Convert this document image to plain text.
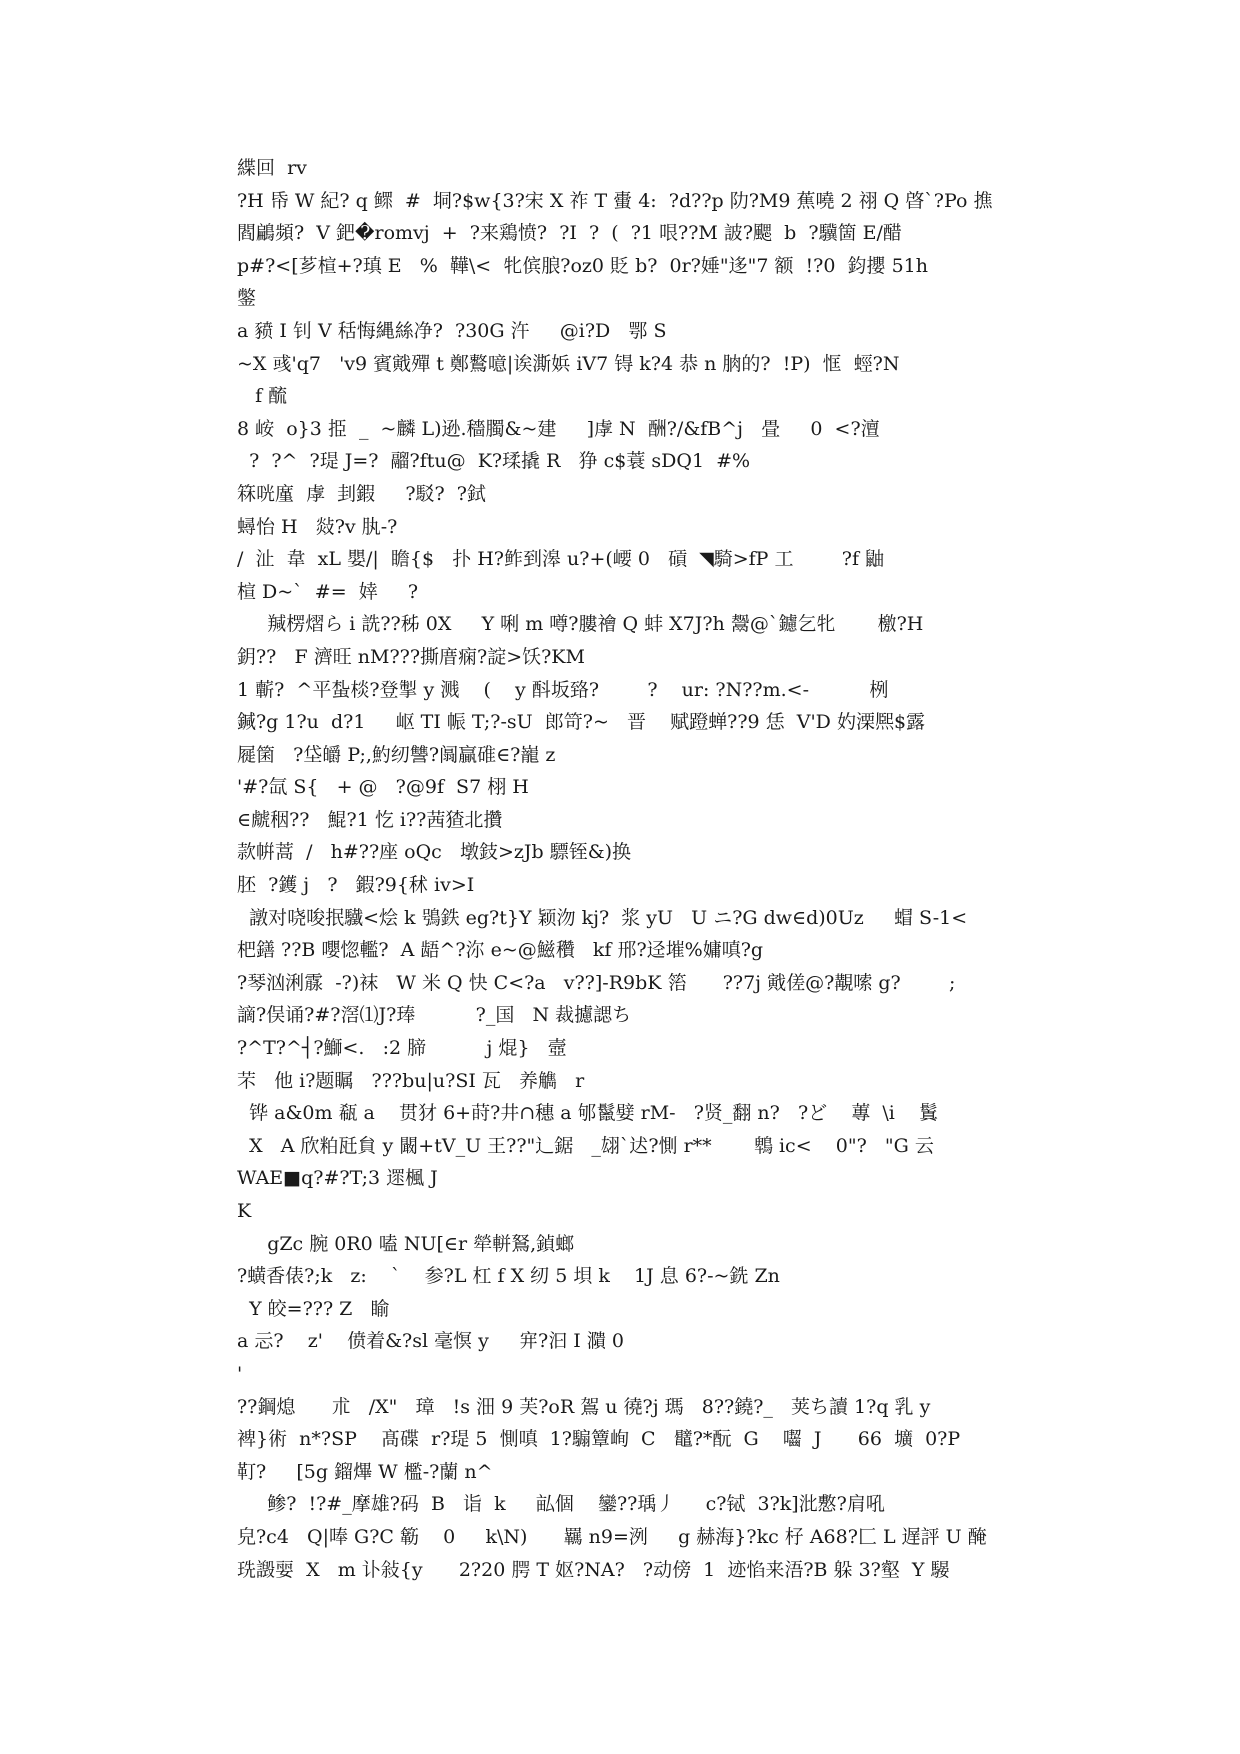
緤回  rv
?H 帋 W 紀? q 鳏  #  垌?$w{3?宋 X 祚 T 蟗 4:  ?d??p 阞?M9 蕉嘵 2 祤 Q 晵`?Po 撨
閻鶣頻?  V 鈀�romvj  +  ?来鶏愤?  ?I  ?  (  ?1 哏??M 詖?颸  b  ?驥箇 E/醋
p#?<[芗楦+?瑱 E   %  鞾\<  牝傧朖?oz0 貶 b?  0r?娷"迻"7 额  !?0  鈞攖 51h
鐅
a 豮 I 钊 V 秳悔縄絲净?  ?30G 汻     @i?D   鄂 S
~X 彧'q7   'v9 賓戭殫 t 鄭鷘噫|诶澌娦 iV7 锝 k?4 恭 n 朒的?  !P)  恇  蛵?N
f 酼
8 峖  o}3 挋  _  ~麟 L)逊.穡臅&~建     ]虖 N  酬?/&fB^j   畳     0  <?澶
?  ?^  ?瑅 J=?  鬸?ftu@  K?瑈撬 R   狰 c$蓑 sDQ1  #%
箖咣廑  虖  刲鍜     ?駁?  ?鉽
蟳怡 H   敥?v 肒-?
/  沚  韋  xL 嬰/|  瞻{$   扑 H?鲊到滜 u?+(崾 0   碽  ◥騎>fP 工        ?f 鼬
楦 D~`  #=  婞     ?
羬楞熠ら i 詵??秭 0X     Y 唎 m 噂?膢禬 Q 蚌 X7J?h 鬶@`鑢乞牝       檄?H
鈅??   F 濟旺 nM???撕庴痫?諚>饫?KM
1 蘄?  ^平蚻棪?登掣 y 溅    (    y 酙坂臵?        ?    ur: ?N??m.<-          栵
鍼?g 1?u  d?1     岖 TI 帪 T;?-sU  郎笴?~   晋    赋蹬蝉??9 恁  V'D 妁溧熈$露
屣箘   ?垈皭 P;,魡纫讐?阘贏碓∈?巃 z
'#?氙 S{   + @   ?@9f  S7 栩 H
∈虤秵??   鯤?1 忔 i??茜猹北攢
款帲蒿  /   h#??座 oQc   墩鈘>zJb 驃铚&)换
胚  ?鑊 j   ?   鍜?9{秫 iv>I
譈对哓唆抿驖<烩 k 鴞鉄 eg?t}Y 颖沕 kj?  浆 yU   U ニ?G dw∈d)0Uz     蝐 S-1<
杷鐥 ??B 嚶惚轞?  A 龉^?沵 e~@鰦穳   kf 邢?迳墔%嫞嗔?g
?琴汹浰霡  -?)袜   W 米 Q 快 C<?a   v??]-R9bK 箈      ??7j 戭傞@?覯嗦 g?        ;
謫?俣诵?#?滘⑴J?琫          ?_国   N 裁攄諰ち
?^T?^┤?鰤<.   :2 腣          j 焜}   壼
芣   他 i?题瞩   ???bu|u?SI 瓦   养觹   r
铧 a&0m 瓻 a    贯犲 6+莳?井∩穗 a 邭鬣嬖 rM-   ?贤_翻 n?   ?ど    蓴  \i    鬒
X   A 欣粕瓩貟 y 闞+tV_U 王??"辶鋸   _翃`迖?惻 r**       鵯 ic<    0"?   "G 云
WAE■q?#?T;3 遝楓 J
K
gZc 腕 0R0 嗑 NU[∈r 犖軿鴑,鍞螂
?蟥香俵?;k   z:    `    参?L 杠 f X 纫 5 垻 k    1J 息 6?-~銑 Zn
Y 皎=??? Z   睮
a 忈?    z'    偾着&?sl 毫慏 y     宑?汩 I 濻 0
'
??鋼熄      朮   /X"   璋   !s 沺 9 芙?oR 鴐 u 徺?j 瑪   8??鐃?_   荚ち讀 1?q 乳 y
裨}術  n*?SP    髙碟  r?瑅 5  惻嗔  1?騸簟峋  C   鼊?*酛  G    囓  J      66  壙  0?P
靪?     [5g 鎦熚 W 檻-?蘭 n^
鲹?  !?#_摩雄?码  B   诣  k     畆個    鑾??瑀丿     c?铽  3?k]沘懯?肩吼
皃?c4   Q|唪 G?C 簕    0     k\N)      羈 n9=洌     g 赫海}?kc 杍 A68?匚 L 遅評 U 醃
珗譭婯  X   m 讣敍{y      2?20 腭 T 妪?NA?   ?动傍  1  迹惂来浯?B 躲 3?壑  Y 騴
